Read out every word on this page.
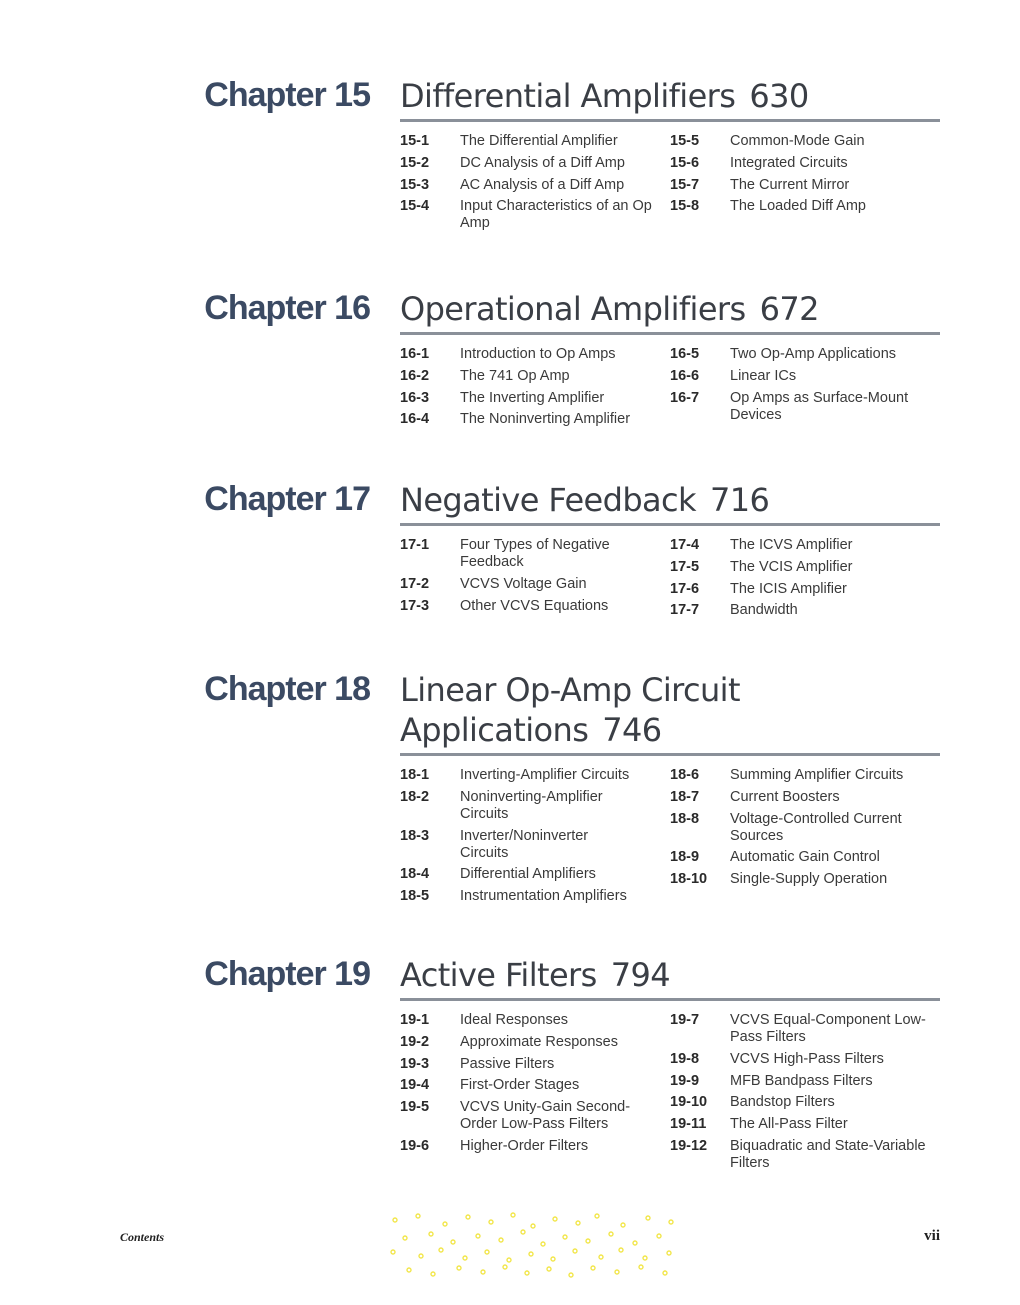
Chapter 15 Differential Amplifiers 630
15-1	The Differential Amplifier
15-2	DC Analysis of a Diff Amp
15-3	AC Analysis of a Diff Amp
15-4	Input Characteristics of an Op Amp
15-5	Common-Mode Gain
15-6	Integrated Circuits
15-7	The Current Mirror
15-8	The Loaded Diff Amp
Chapter 16 Operational Amplifiers 672
16-1	Introduction to Op Amps
16-2	The 741 Op Amp
16-3	The Inverting Amplifier
16-4	The Noninverting Amplifier
16-5	Two Op-Amp Applications
16-6	Linear ICs
16-7	Op Amps as Surface-Mount Devices
Chapter 17 Negative Feedback 716
17-1	Four Types of Negative Feedback
17-2	VCVS Voltage Gain
17-3	Other VCVS Equations
17-4	The ICVS Amplifier
17-5	The VCIS Amplifier
17-6	The ICIS Amplifier
17-7	Bandwidth
Chapter 18 Linear Op-Amp Circuit Applications 746
18-1	Inverting-Amplifier Circuits
18-2	Noninverting-Amplifier Circuits
18-3	Inverter/Noninverter Circuits
18-4	Differential Amplifiers
18-5	Instrumentation Amplifiers
18-6	Summing Amplifier Circuits
18-7	Current Boosters
18-8	Voltage-Controlled Current Sources
18-9	Automatic Gain Control
18-10	Single-Supply Operation
Chapter 19 Active Filters 794
19-1	Ideal Responses
19-2	Approximate Responses
19-3	Passive Filters
19-4	First-Order Stages
19-5	VCVS Unity-Gain Second-Order Low-Pass Filters
19-6	Higher-Order Filters
19-7	VCVS Equal-Component Low-Pass Filters
19-8	VCVS High-Pass Filters
19-9	MFB Bandpass Filters
19-10	Bandstop Filters
19-11	The All-Pass Filter
19-12	Biquadratic and State-Variable Filters
Contents	vii
